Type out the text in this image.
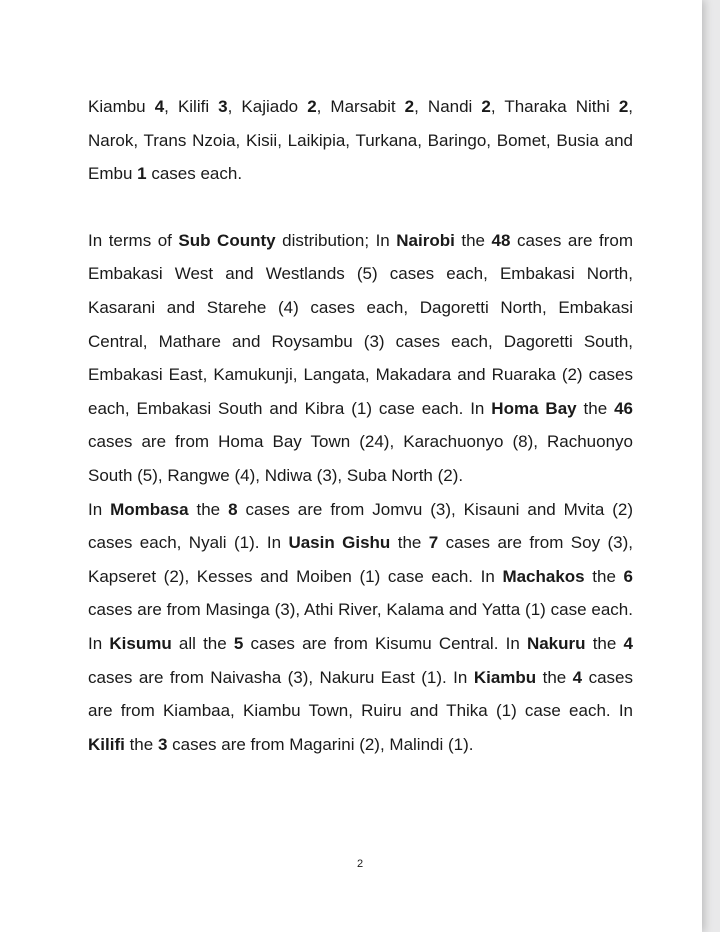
Kiambu 4, Kilifi 3, Kajiado 2, Marsabit 2, Nandi 2, Tharaka Nithi 2, Narok, Trans Nzoia, Kisii, Laikipia, Turkana, Baringo, Bomet, Busia and Embu 1 cases each.

In terms of Sub County distribution; In Nairobi the 48 cases are from Embakasi West and Westlands (5) cases each, Embakasi North, Kasarani and Starehe (4) cases each, Dagoretti North, Embakasi Central, Mathare and Roysambu (3) cases each, Dagoretti South, Embakasi East, Kamukunji, Langata, Makadara and Ruaraka (2) cases each, Embakasi South and Kibra (1) case each. In Homa Bay the 46 cases are from Homa Bay Town (24), Karachuonyo (8), Rachuonyo South (5), Rangwe (4), Ndiwa (3), Suba North (2).

In Mombasa the 8 cases are from Jomvu (3), Kisauni and Mvita (2) cases each, Nyali (1). In Uasin Gishu the 7 cases are from Soy (3), Kapseret (2), Kesses and Moiben (1) case each. In Machakos the 6 cases are from Masinga (3), Athi River, Kalama and Yatta (1) case each. In Kisumu all the 5 cases are from Kisumu Central. In Nakuru the 4 cases are from Naivasha (3), Nakuru East (1). In Kiambu the 4 cases are from Kiambaa, Kiambu Town, Ruiru and Thika (1) case each. In Kilifi the 3 cases are from Magarini (2), Malindi (1).

2
